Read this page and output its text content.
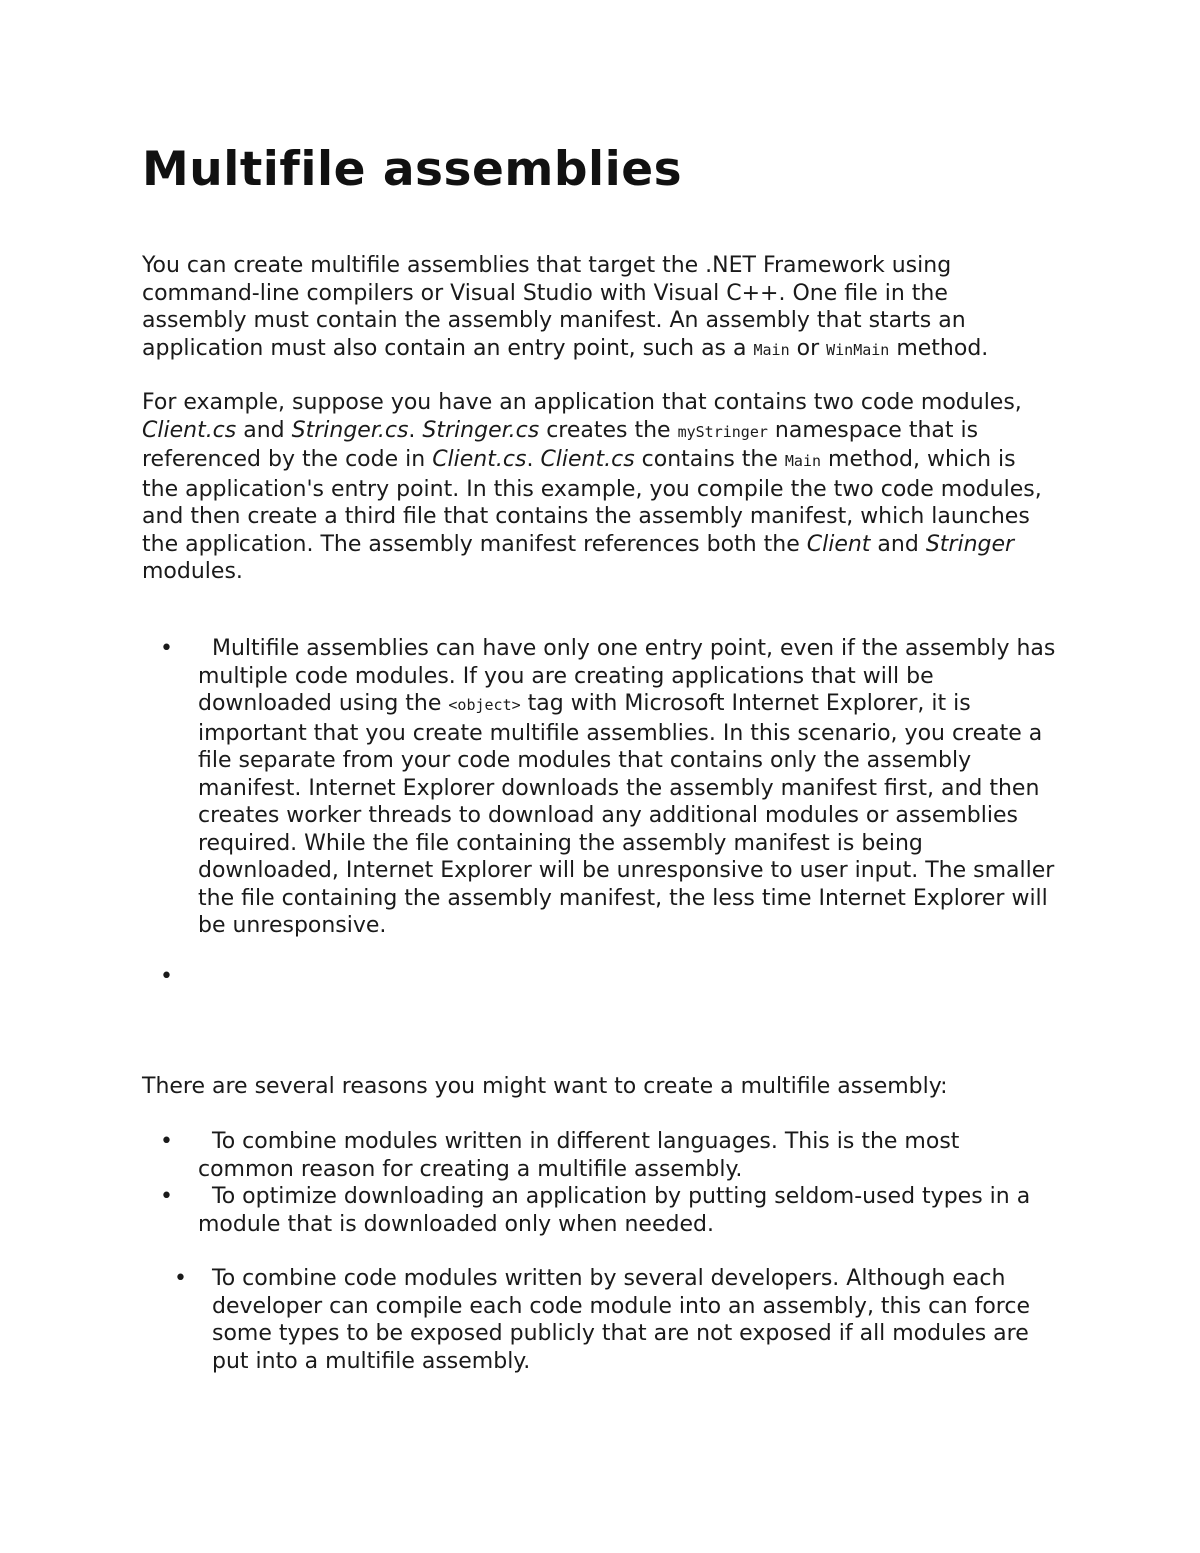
Multifile assemblies

You can create multifile assemblies that target the .NET Framework using command-line compilers or Visual Studio with Visual C++. One file in the assembly must contain the assembly manifest. An assembly that starts an application must also contain an entry point, such as a Main or WinMain method.

For example, suppose you have an application that contains two code modules, Client.cs and Stringer.cs. Stringer.cs creates the myStringer namespace that is referenced by the code in Client.cs. Client.cs contains the Main method, which is the application's entry point. In this example, you compile the two code modules, and then create a third file that contains the assembly manifest, which launches the application. The assembly manifest references both the Client and Stringer modules.

•	Multifile assemblies can have only one entry point, even if the assembly has multiple code modules. If you are creating applications that will be downloaded using the <object> tag with Microsoft Internet Explorer, it is important that you create multifile assemblies. In this scenario, you create a file separate from your code modules that contains only the assembly manifest. Internet Explorer downloads the assembly manifest first, and then creates worker threads to download any additional modules or assemblies required. While the file containing the assembly manifest is being downloaded, Internet Explorer will be unresponsive to user input. The smaller the file containing the assembly manifest, the less time Internet Explorer will be unresponsive.

•

There are several reasons you might want to create a multifile assembly:

•	To combine modules written in different languages. This is the most common reason for creating a multifile assembly.

•	To optimize downloading an application by putting seldom-used types in a module that is downloaded only when needed.

• To combine code modules written by several developers. Although each developer can compile each code module into an assembly, this can force some types to be exposed publicly that are not exposed if all modules are put into a multifile assembly.
